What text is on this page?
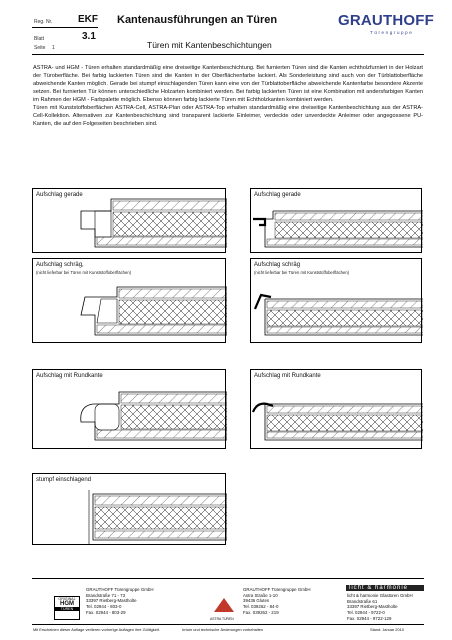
Reg. Nr.	EKF
Blatt	3.1
Seite 1
Kantenausführungen an Türen
Türen mit Kantenbeschichtungen
GRAUTHOFF
Türengruppe
ASTRA- und HGM - Türen erhalten standardmäßig eine dreiseitige Kantenbeschichtung. Bei furnierten Türen sind die Kanten echtholzfurniert in der Holzart der Türoberfläche. Bei farbig lackierten Türen sind die Kanten in der Oberflächenfarbe lackiert. Als Sonderleistung sind auch von der Türblattoberfläche abweichende Kanten möglich. Gerade bei stumpf einschlagenden Türen kann eine von der Türblattoberfläche abweichende Kantenfarbe besondere Akzente setzen. Bei furnierten Tür können unterschiedliche Holzarten kombiniert werden. Bei farbig lackierten Türen ist eine Kombination mit andersfarbigen Kanten im Rahmen der HGM - Farbpalette möglich. Ebenso können farbig lackierte Türen mit Echtholzkanten kombiniert werden.
Türen mit Kunststoffoberflächen ASTRA-Cell, ASTRA-Plan oder ASTRA-Top erhalten standardmäßig eine dreiseitige Kantenbeschichtung aus der ASTRA-Cell-Kollektion. Alternativen zur Kantenbeschichtung sind transparent lackierte Einleimer, verdeckte oder unverdeckte Anleimer oder angegossene PU-Kanten, die auf den Folgeseiten beschrieben sind.
Aufschlag gerade	Aufschlag gerade
Aufschlag schräg,
(nicht lieferbar bei Türen mit Kunststoffoberflächen)
Aufschlag schräg
(nicht lieferbar bei Türen mit Kunststoffoberflächen)
Aufschlag mit Rundkante	Aufschlag mit Rundkante
stumpf einschlagend
ORIGINAL
HGM
TÜREN
GRAUTHOFF Türengruppe GmbH
Brandstraße 71 - 73
33397 Rietberg-Mastholte
Tel. 02944 - 803-0
Fax. 02944 - 803-29
ASTRA TÜREN
GRAUTHOFF Türengruppe GmbH
Astra Straße 1-10
39436 Gluten
Tel. 039262 - 84-0
Fax. 039262 - 219
licht & harmonie
licht & harmonie Glastüren GmbH
Brandstraße 61
33397 Rietberg-Mastholte
Tel. 02944 - 9722-0
Fax. 02944 - 9722-129
Mit Erscheinen dieser Auflage verlieren vorherige Auflagen ihre Gültigkeit.	Irrtum und technische Änderungen vorbehalten	Stand: Januar 2010
